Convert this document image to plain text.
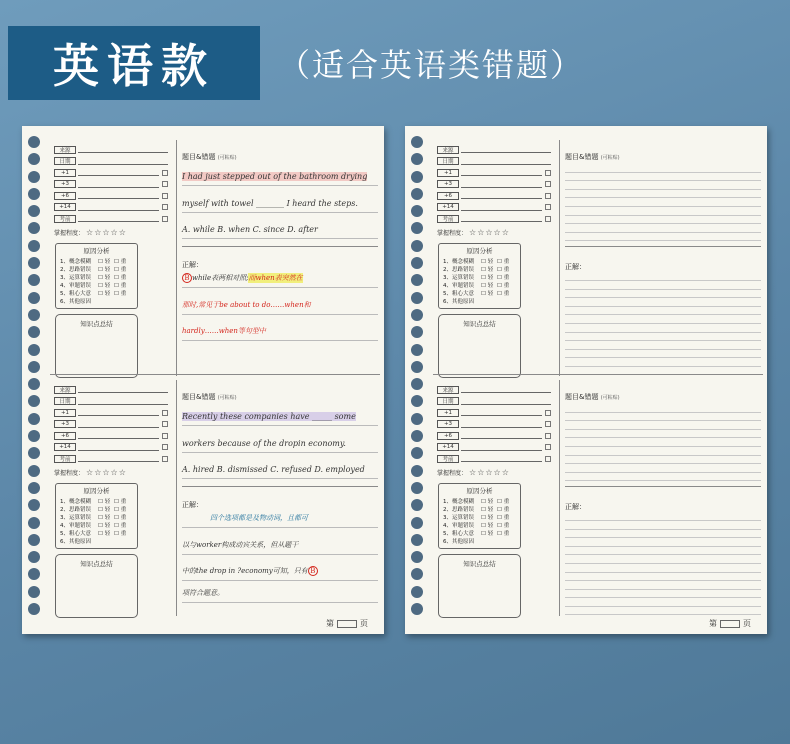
英语款 （适合英语类错题）
来源
日期
+1
+3
+6
+14
考前
掌握程度： ☆☆☆☆☆
原因分析
1、概念模糊	☐ 轻 ☐ 重
2、思路错误	☐ 轻 ☐ 重
3、运算错误	☐ 轻 ☐ 重
4、审题错误	☐ 轻 ☐ 重
5、粗心大意	☐ 轻 ☐ 重
6、其他原因
知识点总结
题目&错题 (可粘贴)
I had just stepped out of the bathroom drying
myself with towel _______ I heard the steps.
A. while B. when C. since D. after
正解：
B while表两相对照; 而when表突然在
那时,常见于be about to do……when和
hardly……when等句型中
来源
日期
+1
+3
+6
+14
考前
掌握程度： ☆☆☆☆☆
原因分析
1、概念模糊	☐ 轻 ☐ 重
2、思路错误	☐ 轻 ☐ 重
3、运算错误	☐ 轻 ☐ 重
4、审题错误	☐ 轻 ☐ 重
5、粗心大意	☐ 轻 ☐ 重
6、其他原因
知识点总结
题目&错题 (可粘贴)
Recently these companies have _____ some
workers because of the dropin economy.
A. hired B. dismissed C. refused D. employed
正解：
四个选项都是及物动词，且都可
以与worker构成动宾关系，但从题干
中的the drop in ?economy可知，只有 B
项符合题意。
第	页
来源
日期
+1
+3
+6
+14
考前
掌握程度： ☆☆☆☆☆
原因分析
1、概念模糊	☐ 轻 ☐ 重
2、思路错误	☐ 轻 ☐ 重
3、运算错误	☐ 轻 ☐ 重
4、审题错误	☐ 轻 ☐ 重
5、粗心大意	☐ 轻 ☐ 重
6、其他原因
知识点总结
题目&错题 (可粘贴)
正解：
来源
日期
+1
+3
+6
+14
考前
掌握程度： ☆☆☆☆☆
原因分析
1、概念模糊	☐ 轻 ☐ 重
2、思路错误	☐ 轻 ☐ 重
3、运算错误	☐ 轻 ☐ 重
4、审题错误	☐ 轻 ☐ 重
5、粗心大意	☐ 轻 ☐ 重
6、其他原因
知识点总结
题目&错题 (可粘贴)
正解：
第	页
